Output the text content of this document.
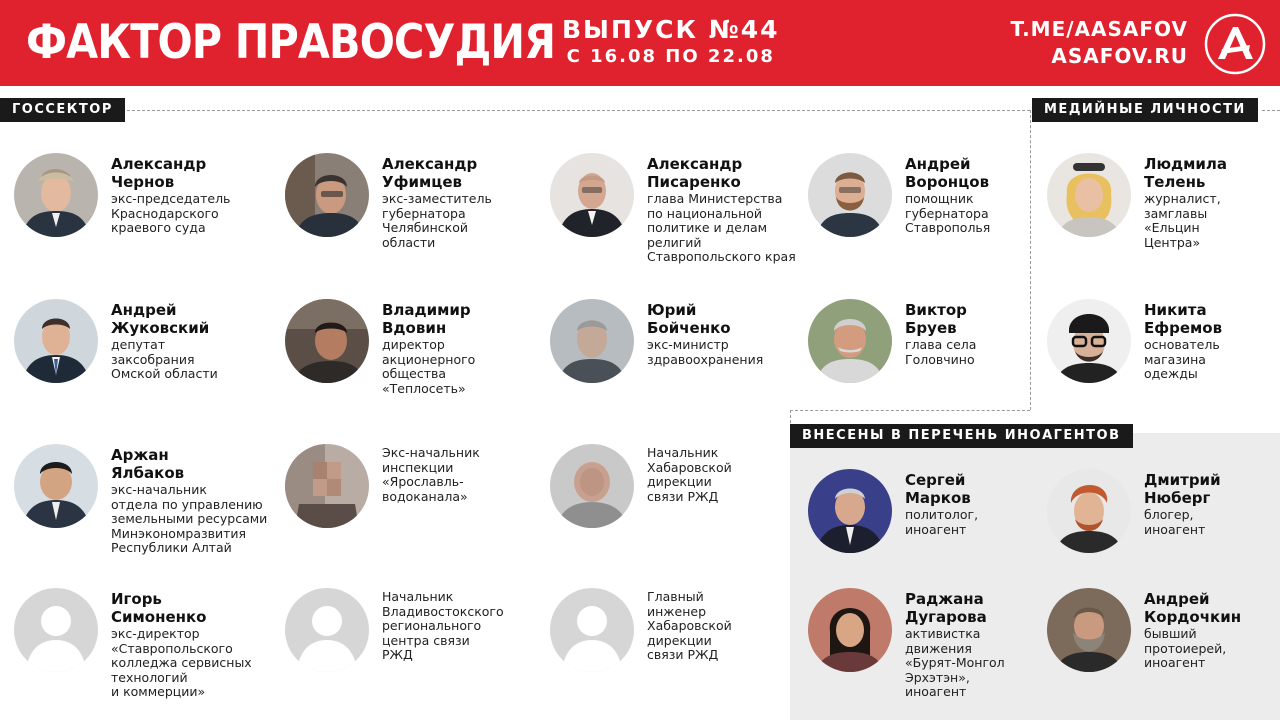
ФАКТОР ПРАВОСУДИЯ ВЫПУСК №44
С 16.08 ПО 22.08
T.ME/AASAFOV
ASAFOV.RU
А
ГОССЕКТОР	МЕДИЙНЫЕ ЛИЧНОСТИ
ВНЕСЕНЫ В ПЕРЕЧЕНЬ ИНОАГЕНТОВ
Александр
Чернов
экс-председатель
Краснодарского
краевого суда
Александр
Уфимцев
экс-заместитель
губернатора
Челябинской
области
Александр
Писаренко
глава Министерства
по национальной
политике и делам
религий
Ставропольского края
Андрей
Воронцов
помощник
губернатора
Ставрополья
Людмила
Телень
журналист,
замглавы
«Ельцин
Центра»
Андрей
Жуковский
депутат
заксобрания
Омской области
Владимир
Вдовин
директор
акционерного
общества
«Теплосеть»
Юрий
Бойченко
экс-министр
здравоохранения
Виктор
Бруев
глава села
Головчино
Никита
Ефремов
основатель
магазина
одежды
Аржан
Ялбаков
экс-начальник
отдела по управлению
земельными ресурсами
Минэкономразвития
Республики Алтай
Экс-начальник
инспекции
«Ярославль-
водоканала»
Начальник
Хабаровской
дирекции
связи РЖД
Сергей
Марков
политолог,
иноагент
Дмитрий
Нюберг
блогер,
иноагент
Игорь
Симоненко
экс-директор
«Ставропольского
колледжа сервисных
технологий
и коммерции»
Начальник
Владивостокского
регионального
центра связи
РЖД
Главный
инженер
Хабаровской
дирекции
связи РЖД
Раджана
Дугарова
активистка
движения
«Бурят-Монгол
Эрхэтэн»,
иноагент
Андрей
Кордочкин
бывший
протоиерей,
иноагент
